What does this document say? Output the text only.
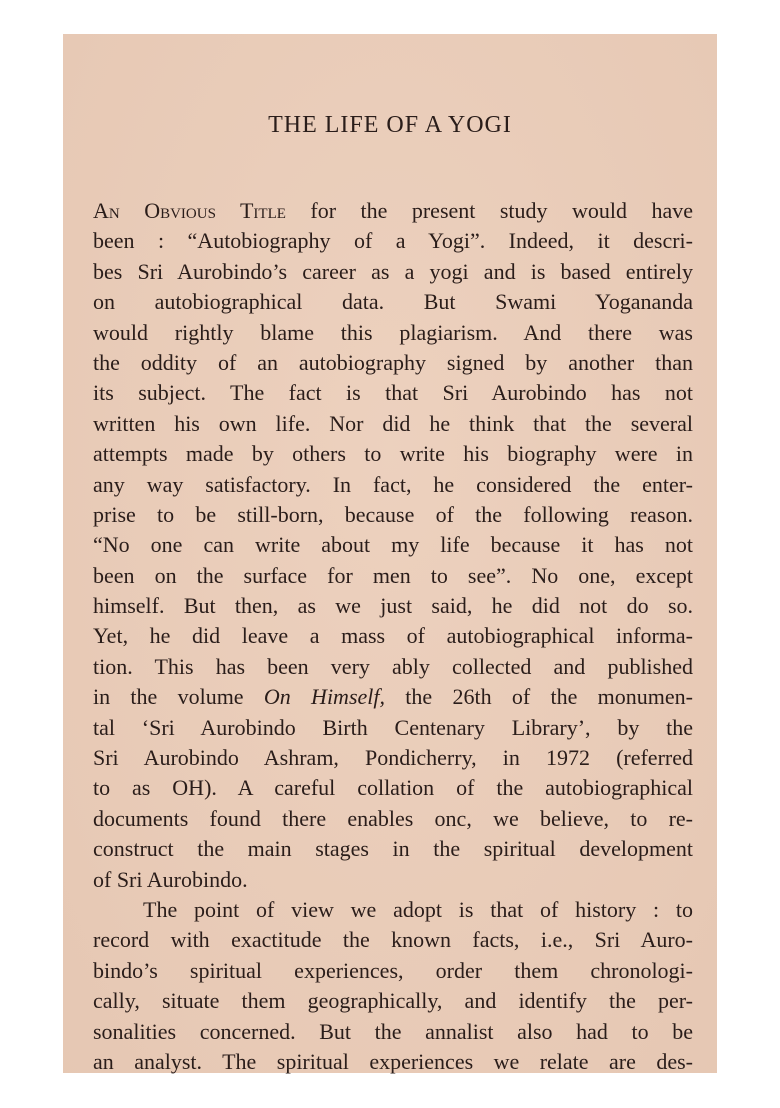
THE LIFE OF A YOGI
An Obvious Title for the present study would have
been : “Autobiography of a Yogi”. Indeed, it descri-
bes Sri Aurobindo’s career as a yogi and is based entirely
on autobiographical data. But Swami Yogananda
would rightly blame this plagiarism. And there was
the oddity of an autobiography signed by another than
its subject. The fact is that Sri Aurobindo has not
written his own life. Nor did he think that the several
attempts made by others to write his biography were in
any way satisfactory. In fact, he considered the enter-
prise to be still-born, because of the following reason.
“No one can write about my life because it has not
been on the surface for men to see”. No one, except
himself. But then, as we just said, he did not do so.
Yet, he did leave a mass of autobiographical informa-
tion. This has been very ably collected and published
in the volume On Himself, the 26th of the monumen-
tal ‘Sri Aurobindo Birth Centenary Library’, by the
Sri Aurobindo Ashram, Pondicherry, in 1972 (referred
to as OH). A careful collation of the autobiographical
documents found there enables onc, we believe, to re-
construct the main stages in the spiritual development
of Sri Aurobindo.
The point of view we adopt is that of history : to
record with exactitude the known facts, i.e., Sri Auro-
bindo’s spiritual experiences, order them chronologi-
cally, situate them geographically, and identify the per-
sonalities concerned. But the annalist also had to be
an analyst. The spiritual experiences we relate are des-
